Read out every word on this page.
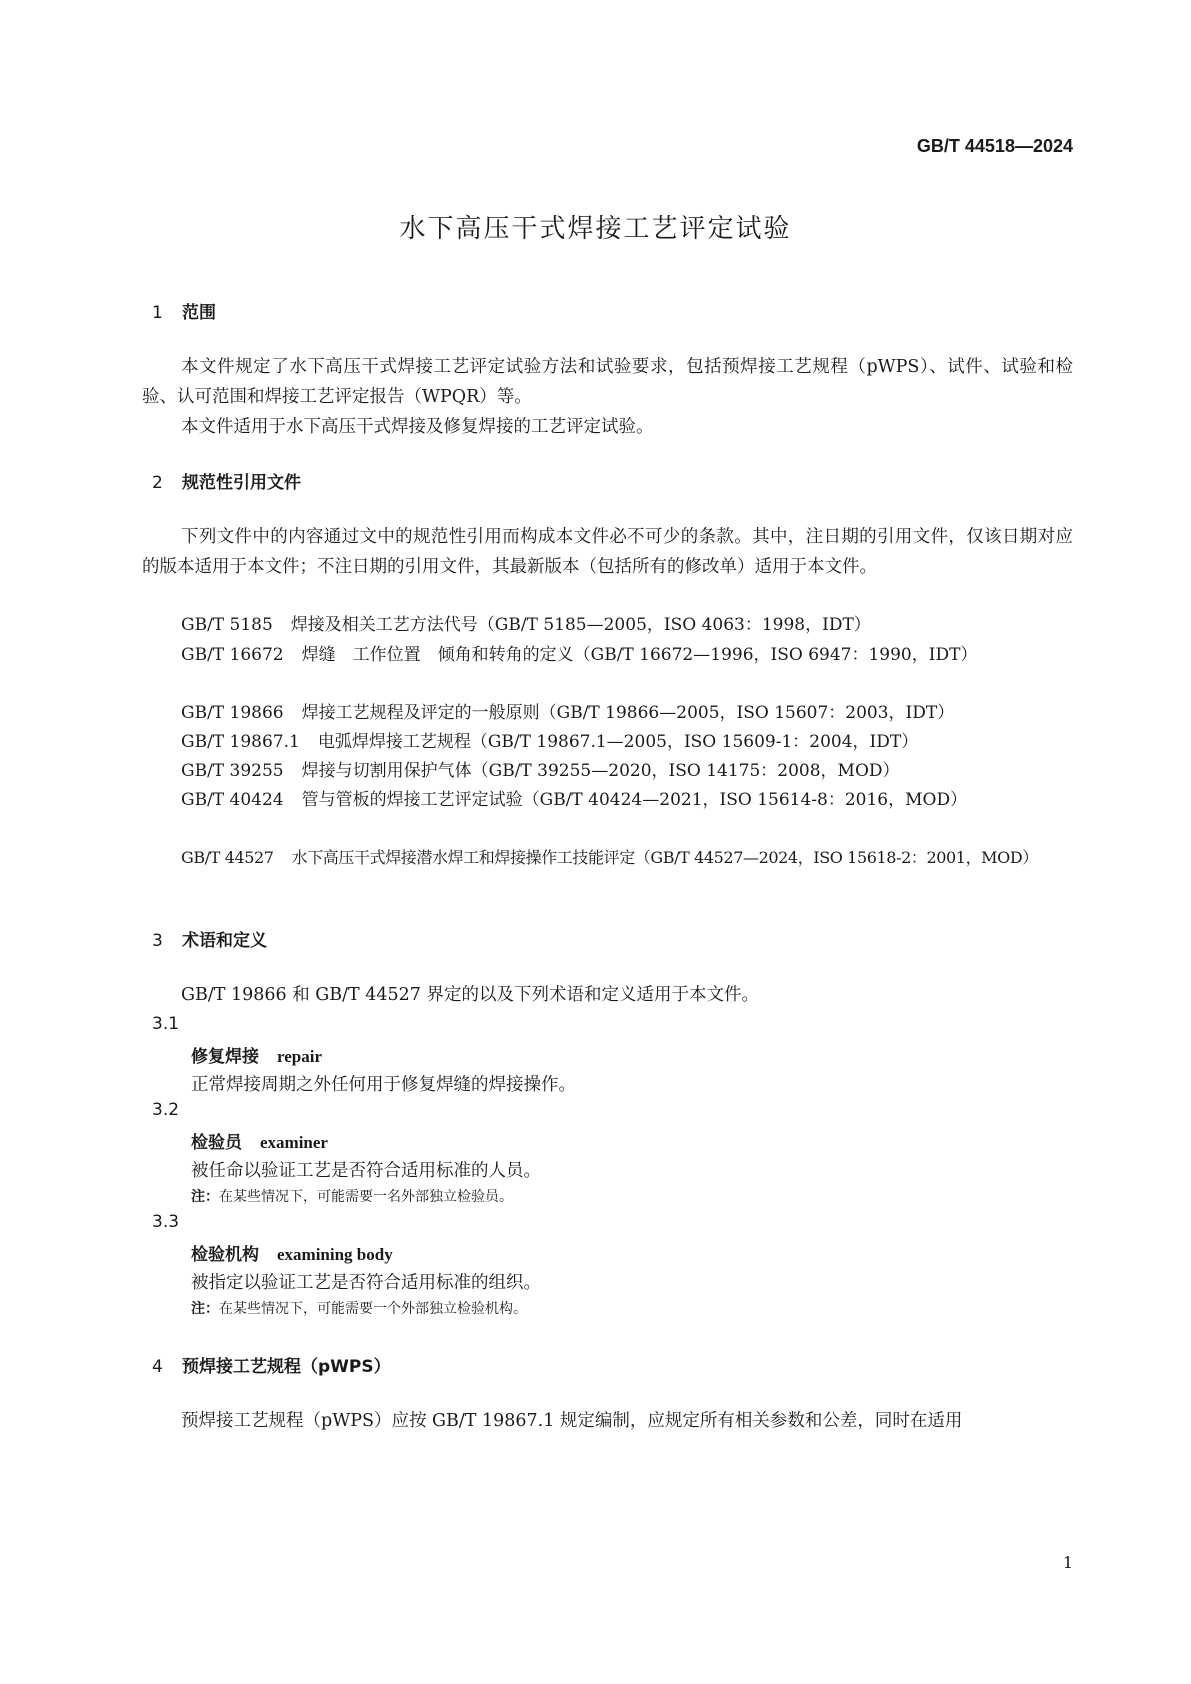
GB/T 44518—2024
水下高压干式焊接工艺评定试验
1 范围
本文件规定了水下高压干式焊接工艺评定试验方法和试验要求，包括预焊接工艺规程（pWPS）、试件、试验和检验、认可范围和焊接工艺评定报告（WPQR）等。
本文件适用于水下高压干式焊接及修复焊接的工艺评定试验。
2 规范性引用文件
下列文件中的内容通过文中的规范性引用而构成本文件必不可少的条款。其中，注日期的引用文件，仅该日期对应的版本适用于本文件；不注日期的引用文件，其最新版本（包括所有的修改单）适用于本文件。
GB/T 5185 焊接及相关工艺方法代号（GB/T 5185—2005，ISO 4063：1998，IDT）
GB/T 16672 焊缝　工作位置　倾角和转角的定义（GB/T 16672—1996，ISO 6947：1990，IDT）
GB/T 19866 焊接工艺规程及评定的一般原则（GB/T 19866—2005，ISO 15607：2003，IDT）
GB/T 19867.1 电弧焊焊接工艺规程（GB/T 19867.1—2005，ISO 15609-1：2004，IDT）
GB/T 39255 焊接与切割用保护气体（GB/T 39255—2020，ISO 14175：2008，MOD）
GB/T 40424 管与管板的焊接工艺评定试验（GB/T 40424—2021，ISO 15614-8：2016，MOD）
GB/T 44527 水下高压干式焊接潜水焊工和焊接操作工技能评定（GB/T 44527—2024，ISO 15618-2：2001，MOD）
3 术语和定义
GB/T 19866 和 GB/T 44527 界定的以及下列术语和定义适用于本文件。
3.1
修复焊接 repair
正常焊接周期之外任何用于修复焊缝的焊接操作。
3.2
检验员 examiner
被任命以验证工艺是否符合适用标准的人员。
注：在某些情况下，可能需要一名外部独立检验员。
3.3
检验机构 examining body
被指定以验证工艺是否符合适用标准的组织。
注：在某些情况下，可能需要一个外部独立检验机构。
4 预焊接工艺规程（pWPS）
预焊接工艺规程（pWPS）应按 GB/T 19867.1 规定编制，应规定所有相关参数和公差，同时在适用
1
